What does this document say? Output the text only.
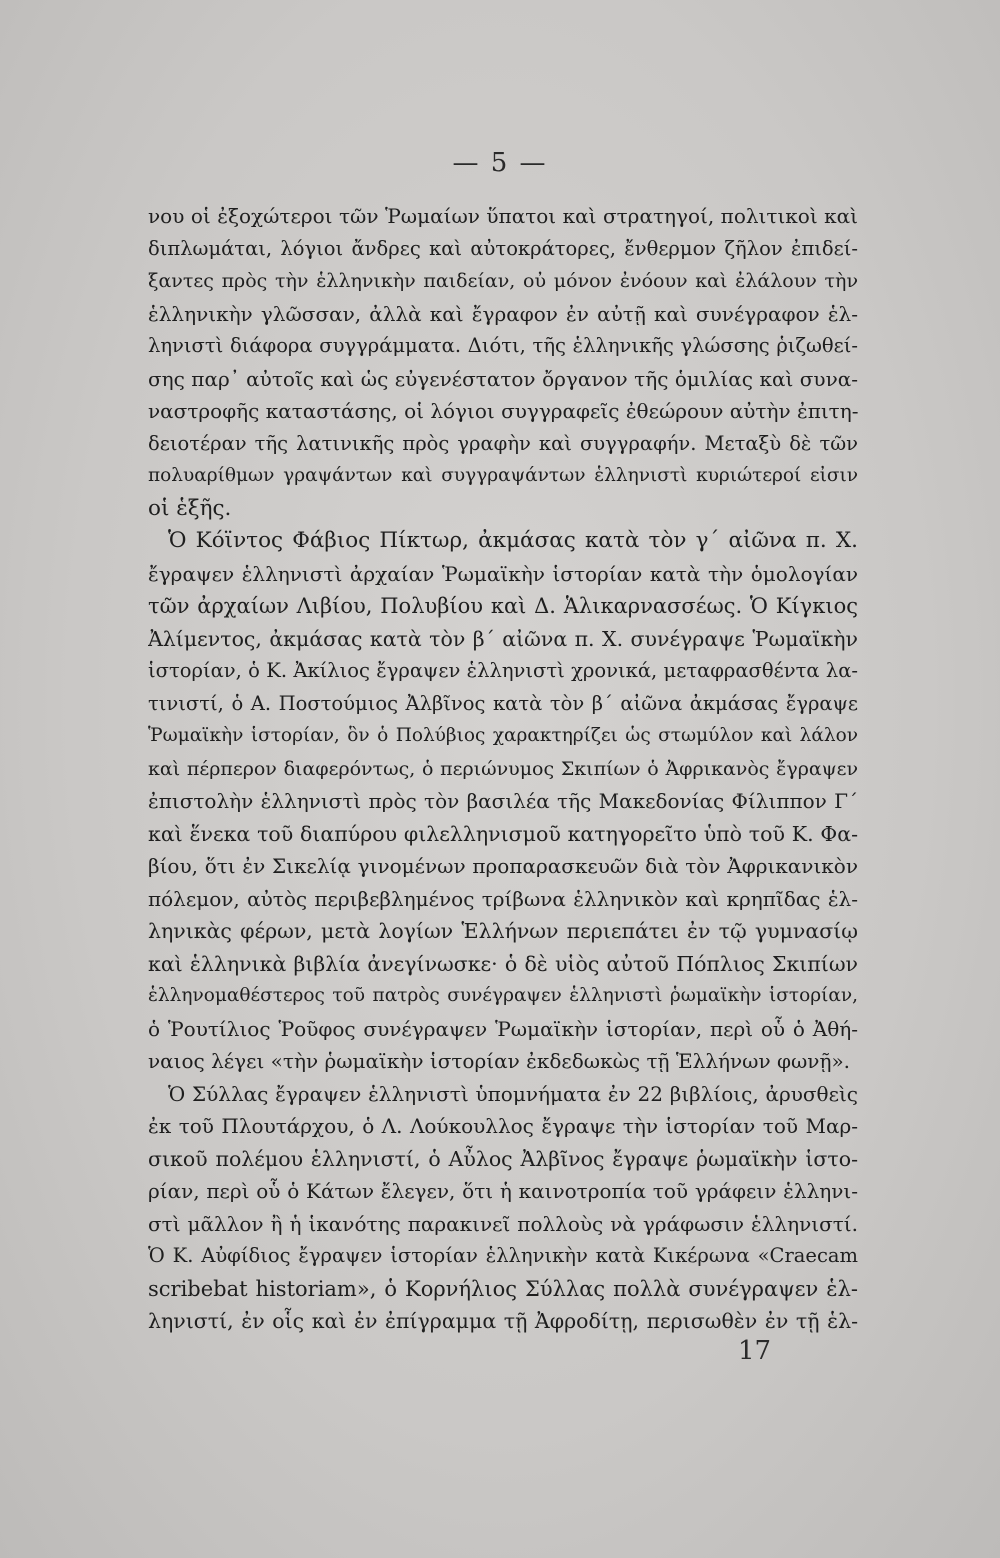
— 5 —
νου οἱ ἐξοχώτεροι τῶν Ῥωμαίων ὕπατοι καὶ στρατηγοί, πολιτικοὶ καὶ
διπλωμάται, λόγιοι ἄνδρες καὶ αὐτοκράτορες, ἔνθερμον ζῆλον ἐπιδεί-
ξαντες πρὸς τὴν ἑλληνικὴν παιδείαν, οὐ μόνον ἐνόουν καὶ ἐλάλουν τὴν
ἑλληνικὴν γλῶσσαν, ἀλλὰ καὶ ἔγραφον ἐν αὐτῇ καὶ συνέγραφον ἑλ-
ληνιστὶ διάφορα συγγράμματα. Διότι, τῆς ἑλληνικῆς γλώσσης ῥιζωθεί-
σης παρ᾽ αὐτοῖς καὶ ὡς εὐγενέστατον ὄργανον τῆς ὁμιλίας καὶ συνα-
ναστροφῆς καταστάσης, οἱ λόγιοι συγγραφεῖς ἐθεώρουν αὐτὴν ἐπιτη-
δειοτέραν τῆς λατινικῆς πρὸς γραφὴν καὶ συγγραφήν. Μεταξὺ δὲ τῶν
πολυαρίθμων γραψάντων καὶ συγγραψάντων ἑλληνιστὶ κυριώτεροί εἰσιν
οἱ ἑξῆς.
Ὁ Κόϊντος Φάβιος Πίκτωρ, ἀκμάσας κατὰ τὸν γ´ αἰῶνα π. Χ.
ἔγραψεν ἑλληνιστὶ ἀρχαίαν Ῥωμαϊκὴν ἱστορίαν κατὰ τὴν ὁμολογίαν
τῶν ἀρχαίων Λιβίου, Πολυβίου καὶ Δ. Ἁλικαρνασσέως. Ὁ Κίγκιος
Ἀλίμεντος, ἀκμάσας κατὰ τὸν β´ αἰῶνα π. Χ. συνέγραψε Ῥωμαϊκὴν
ἱστορίαν, ὁ Κ. Ἀκίλιος ἔγραψεν ἑλληνιστὶ χρονικά, μεταφρασθέντα λα-
τινιστί, ὁ Α. Ποστούμιος Ἀλβῖνος κατὰ τὸν β´ αἰῶνα ἀκμάσας ἔγραψε
Ῥωμαϊκὴν ἱστορίαν, ὃν ὁ Πολύβιος χαρακτηρίζει ὡς στωμύλον καὶ λάλον
καὶ πέρπερον διαφερόντως, ὁ περιώνυμος Σκιπίων ὁ Ἀφρικανὸς ἔγραψεν
ἐπιστολὴν ἑλληνιστὶ πρὸς τὸν βασιλέα τῆς Μακεδονίας Φίλιππον Γ´
καὶ ἕνεκα τοῦ διαπύρου φιλελληνισμοῦ κατηγορεῖτο ὑπὸ τοῦ Κ. Φα-
βίου, ὅτι ἐν Σικελίᾳ γινομένων προπαρασκευῶν διὰ τὸν Ἀφρικανικὸν
πόλεμον, αὐτὸς περιβεβλημένος τρίβωνα ἑλληνικὸν καὶ κρηπῖδας ἑλ-
ληνικὰς φέρων, μετὰ λογίων Ἑλλήνων περιεπάτει ἐν τῷ γυμνασίῳ
καὶ ἑλληνικὰ βιβλία ἀνεγίνωσκε· ὁ δὲ υἱὸς αὐτοῦ Πόπλιος Σκιπίων
ἑλληνομαθέστερος τοῦ πατρὸς συνέγραψεν ἑλληνιστὶ ῥωμαϊκὴν ἱστορίαν,
ὁ Ῥουτίλιος Ῥοῦφος συνέγραψεν Ῥωμαϊκὴν ἱστορίαν, περὶ οὗ ὁ Ἀθή-
ναιος λέγει «τὴν ῥωμαϊκὴν ἱστορίαν ἐκδεδωκὼς τῇ Ἑλλήνων φωνῇ».
Ὁ Σύλλας ἔγραψεν ἑλληνιστὶ ὑπομνήματα ἐν 22 βιβλίοις, ἀρυσθεὶς
ἐκ τοῦ Πλουτάρχου, ὁ Λ. Λούκουλλος ἔγραψε τὴν ἱστορίαν τοῦ Μαρ-
σικοῦ πολέμου ἑλληνιστί, ὁ Αὖλος Ἀλβῖνος ἔγραψε ῥωμαϊκὴν ἱστο-
ρίαν, περὶ οὗ ὁ Κάτων ἔλεγεν, ὅτι ἡ καινοτροπία τοῦ γράφειν ἑλληνι-
στὶ μᾶλλον ἢ ἡ ἱκανότης παρακινεῖ πολλοὺς νὰ γράφωσιν ἑλληνιστί.
Ὁ Κ. Αὐφίδιος ἔγραψεν ἱστορίαν ἑλληνικὴν κατὰ Κικέρωνα «Craecam
scribebat historiam», ὁ Κορνήλιος Σύλλας πολλὰ συνέγραψεν ἑλ-
ληνιστί, ἐν οἷς καὶ ἐν ἐπίγραμμα τῇ Ἀφροδίτῃ, περισωθὲν ἐν τῇ ἑλ-
17
